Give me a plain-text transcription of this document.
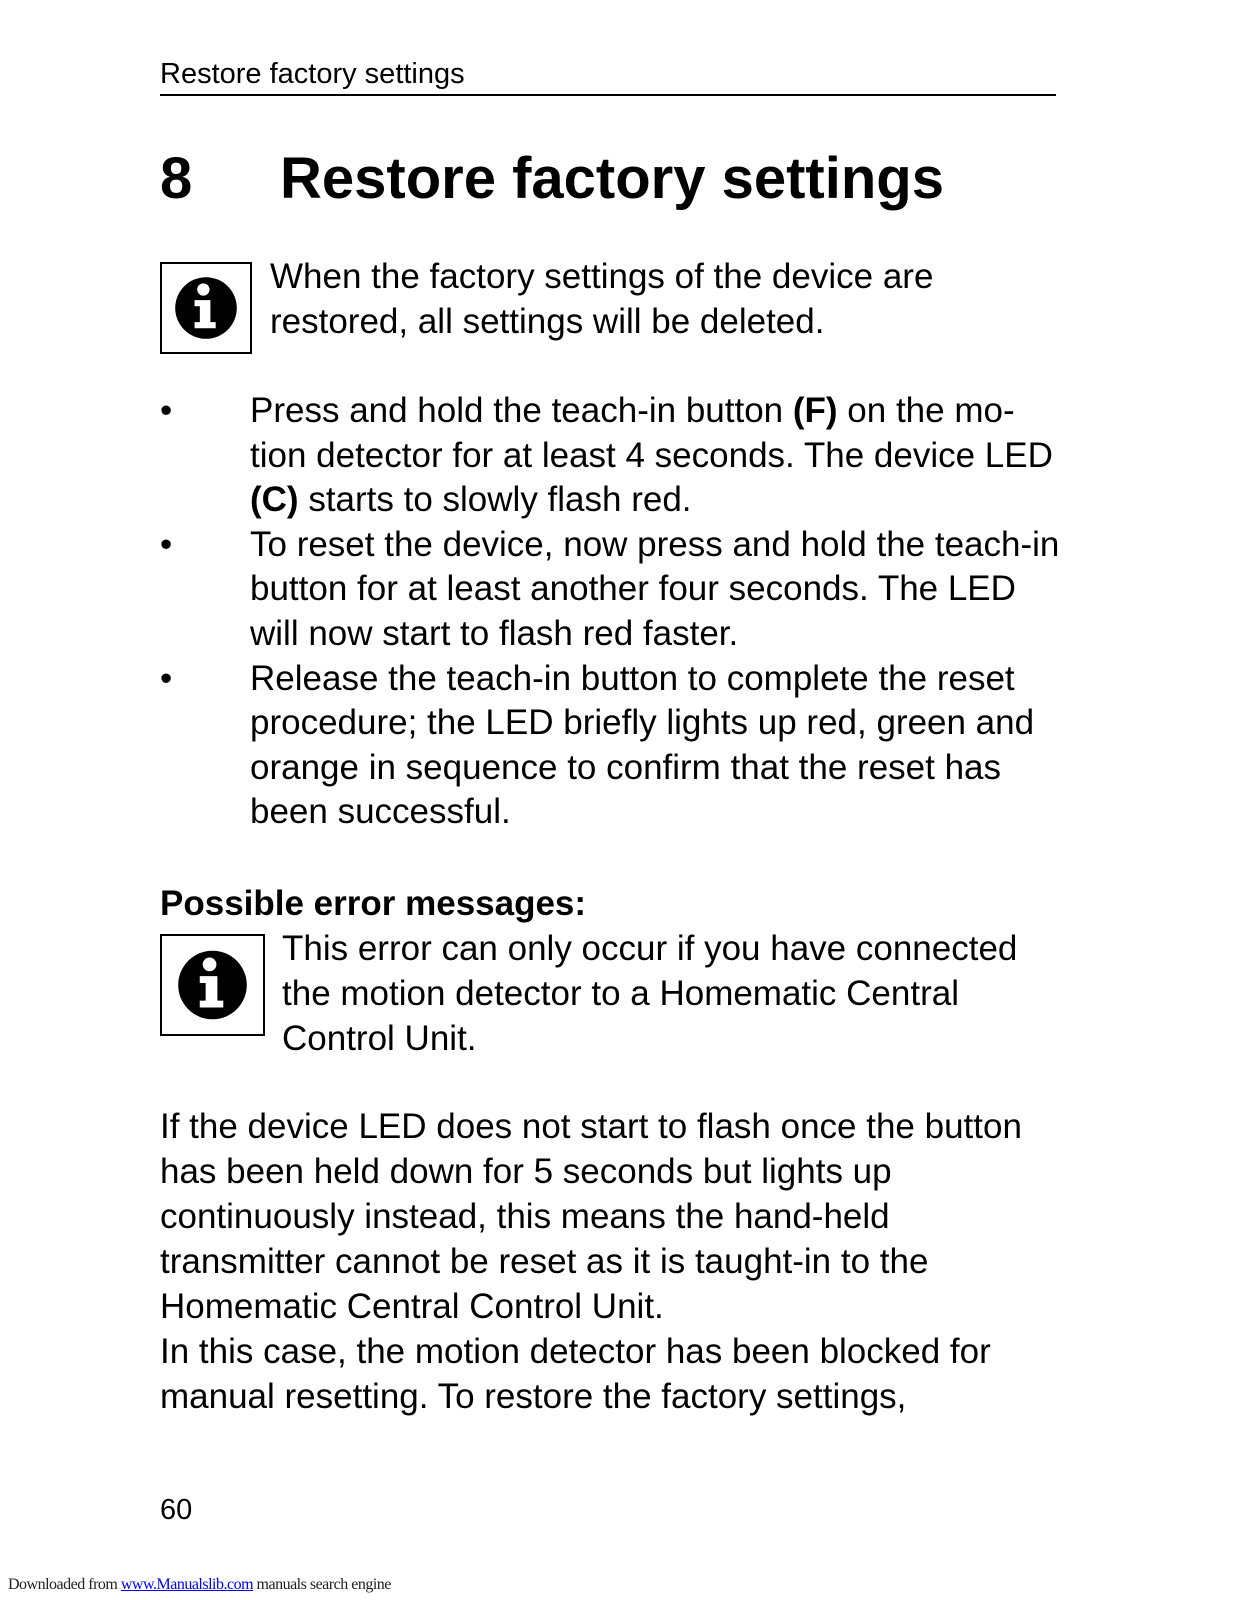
Restore factory settings
8 Restore factory settings
When the factory settings of the device are restored, all settings will be deleted.
•	Press and hold the teach-in button (F) on the mo-tion detector for at least 4 seconds. The device LED (C) starts to slowly flash red.
•	To reset the device, now press and hold the teach-in button for at least another four seconds. The LED will now start to flash red faster.
•	Release the teach-in button to complete the reset procedure; the LED briefly lights up red, green and orange in sequence to confirm that the reset has been successful.
Possible error messages:
This error can only occur if you have connected the motion detector to a Homematic Central Control Unit.
If the device LED does not start to flash once the button has been held down for 5 seconds but lights up continuously instead, this means the hand-held transmitter cannot be reset as it is taught-in to the Homematic Central Control Unit.
In this case, the motion detector has been blocked for manual resetting. To restore the factory settings,
60
Downloaded from www.Manualslib.com manuals search engine
